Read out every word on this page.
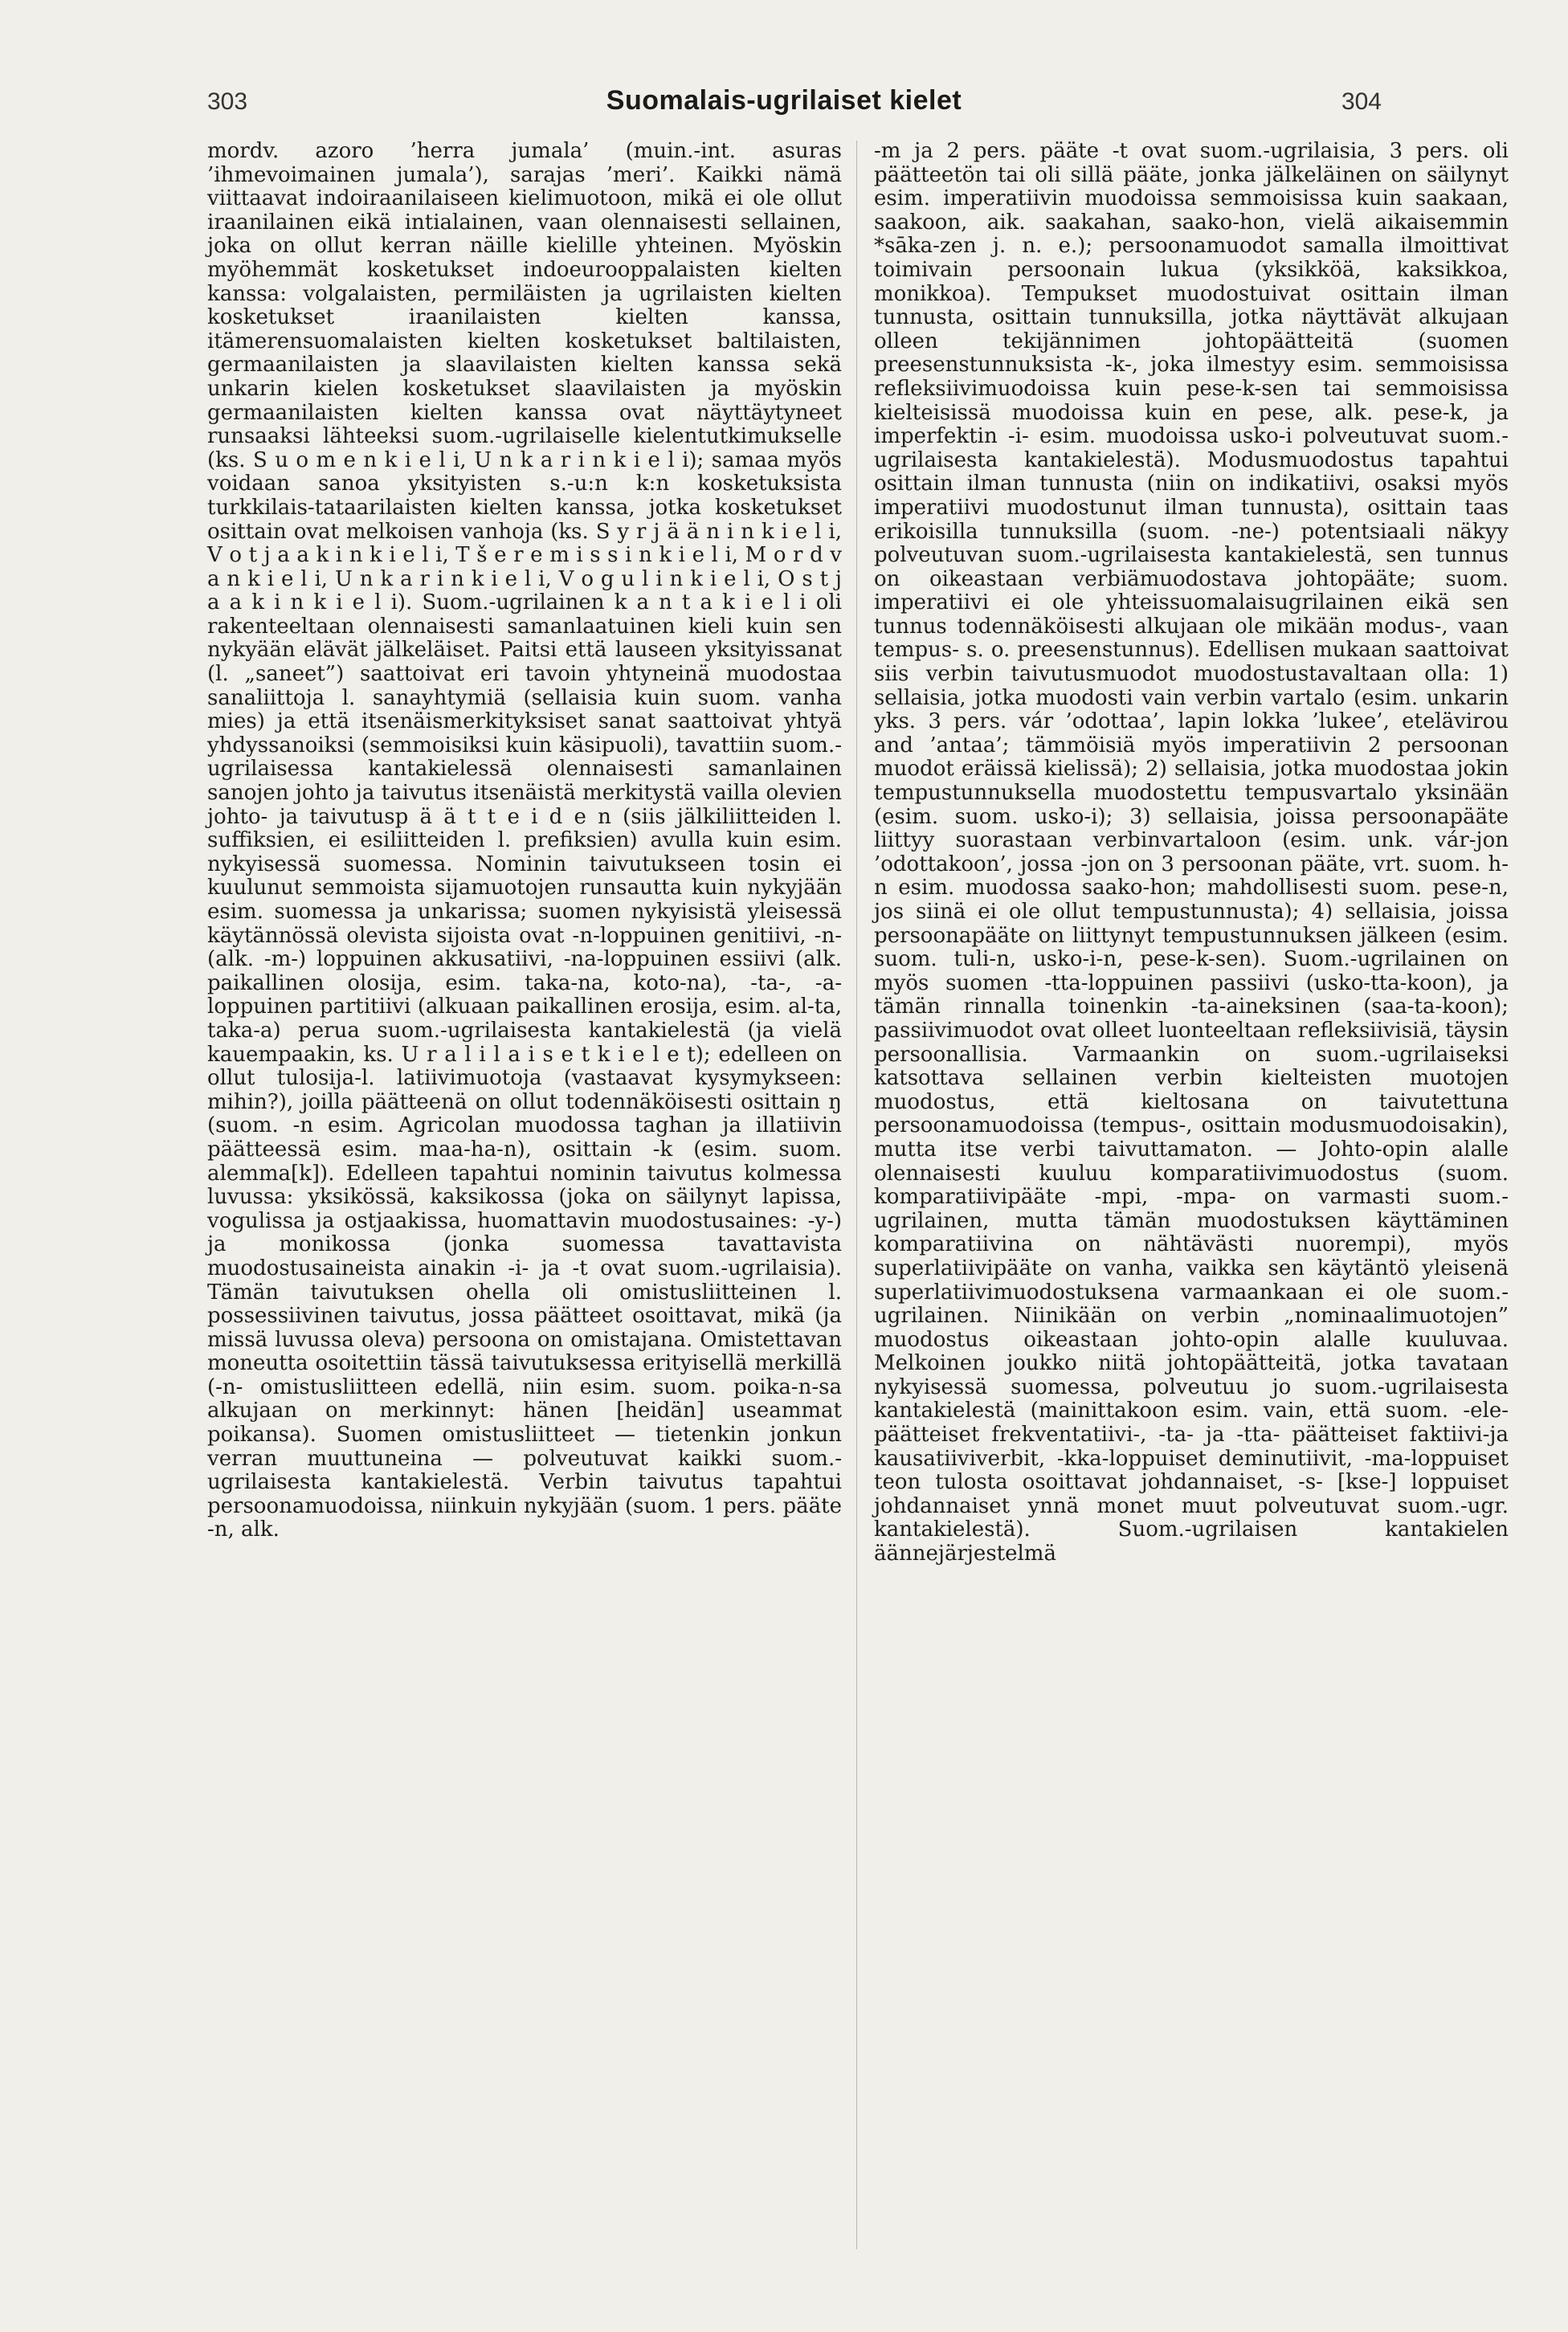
303	Suomalais-ugrilaiset kielet	304

mordv. azoro ’herra jumala’ (muin.-int. asuras ’ihmevoimainen jumala’), sarajas ’meri’. Kaikki nämä viittaavat indoiraanilaiseen kielimuotoon, mikä ei ole ollut iraanilainen eikä intialainen, vaan olennaisesti sellainen, joka on ollut kerran näille kielille yhteinen. Myöskin myöhemmät kosketukset indoeurooppalaisten kielten kanssa: volgalaisten, permiläisten ja ugrilaisten kielten kosketukset iraanilaisten kielten kanssa, itämerensuomalaisten kielten kosketukset baltilaisten, germaanilaisten ja slaavilaisten kielten kanssa sekä unkarin kielen kosketukset slaavilaisten ja myöskin germaanilaisten kielten kanssa ovat näyttäytyneet runsaaksi lähteeksi suom.-ugrilaiselle kielentutkimukselle (ks. S u o m e n k i e l i, U n k a r i n k i e l i); samaa myös voidaan sanoa yksityisten s.-u:n k:n kosketuksista turkkilais-tataarilaisten kielten kanssa, jotka kosketukset osittain ovat melkoisen vanhoja (ks. S y r j ä ä n i n k i e l i, V o t j a a k i n k i e l i, T š e r e m i s s i n k i e l i, M o r d v a n k i e l i, U n k a r i n k i e l i, V o g u l i n k i e l i, O s t j a a k i n k i e l i). Suom.-ugrilainen k a n t a k i e l i oli rakenteeltaan olennaisesti samanlaatuinen kieli kuin sen nykyään elävät jälkeläiset. Paitsi että lauseen yksityissanat (l. „saneet”) saattoivat eri tavoin yhtyneinä muodostaa sanaliittoja l. sanayhtymiä (sellaisia kuin suom. vanha mies) ja että itsenäismerkityksiset sanat saattoivat yhtyä yhdyssanoiksi (semmoisiksi kuin käsipuoli), tavattiin suom.-ugrilaisessa kantakielessä olennaisesti samanlainen sanojen johto ja taivutus itsenäistä merkitystä vailla olevien johto- ja taivutusp ä ä t t e i d e n (siis jälkiliitteiden l. suffiksien, ei esiliitteiden l. prefiksien) avulla kuin esim. nykyisessä suomessa. Nominin taivutukseen tosin ei kuulunut semmoista sijamuotojen runsautta kuin nykyjään esim. suomessa ja unkarissa; suomen nykyisistä yleisessä käytännössä olevista sijoista ovat -n-loppuinen genitiivi, -n- (alk. -m-) loppuinen akkusatiivi, -na-loppuinen essiivi (alk. paikallinen olosija, esim. taka-na, koto-na), -ta-, -a-loppuinen partitiivi (alkuaan paikallinen erosija, esim. al-ta, taka-a) perua suom.-ugrilaisesta kantakielestä (ja vielä kauempaakin, ks. U r a l i l a i s e t k i e l e t); edelleen on ollut tulosija-l. latiivimuotoja (vastaavat kysymykseen: mihin?), joilla päätteenä on ollut todennäköisesti osittain ŋ (suom. -n esim. Agricolan muodossa taghan ja illatiivin päätteessä esim. maa-ha-n), osittain -k (esim. suom. alemma[k]). Edelleen tapahtui nominin taivutus kolmessa luvussa: yksikössä, kaksikossa (joka on säilynyt lapissa, vogulissa ja ostjaakissa, huomattavin muodostusaines: -y-) ja monikossa (jonka suomessa tavattavista muodostusaineista ainakin -i- ja -t ovat suom.-ugrilaisia). Tämän taivutuksen ohella oli omistusliitteinen l. possessiivinen taivutus, jossa päätteet osoittavat, mikä (ja missä luvussa oleva) persoona on omistajana. Omistettavan moneutta osoitettiin tässä taivutuksessa erityisellä merkillä (-n- omistusliitteen edellä, niin esim. suom. poika-n-sa alkujaan on merkinnyt: hänen [heidän] useammat poikansa). Suomen omistusliitteet — tietenkin jonkun verran muuttuneina — polveutuvat kaikki suom.-ugrilaisesta kantakielestä. Verbin taivutus tapahtui persoonamuodoissa, niinkuin nykyjään (suom. 1 pers. pääte -n, alk.

-m ja 2 pers. pääte -t ovat suom.-ugrilaisia, 3 pers. oli päätteetön tai oli sillä pääte, jonka jälkeläinen on säilynyt esim. imperatiivin muodoissa semmoisissa kuin saakaan, saakoon, aik. saakahan, saako-hon, vielä aikaisemmin *sāka-zen j. n. e.); persoonamuodot samalla ilmoittivat toimivain persoonain lukua (yksikköä, kaksikkoa, monikkoa). Tempukset muodostuivat osittain ilman tunnusta, osittain tunnuksilla, jotka näyttävät alkujaan olleen tekijännimen johtopäätteitä (suomen preesenstunnuksista -k-, joka ilmestyy esim. semmoisissa refleksiivimuodoissa kuin pese-k-sen tai semmoisissa kielteisissä muodoissa kuin en pese, alk. pese-k, ja imperfektin -i- esim. muodoissa usko-i polveutuvat suom.-ugrilaisesta kantakielestä). Modusmuodostus tapahtui osittain ilman tunnusta (niin on indikatiivi, osaksi myös imperatiivi muodostunut ilman tunnusta), osittain taas erikoisilla tunnuksilla (suom. -ne-) potentsiaali näkyy polveutuvan suom.-ugrilaisesta kantakielestä, sen tunnus on oikeastaan verbiämuodostava johtopääte; suom. imperatiivi ei ole yhteissuomalaisugrilainen eikä sen tunnus todennäköisesti alkujaan ole mikään modus-, vaan tempus- s. o. preesenstunnus). Edellisen mukaan saattoivat siis verbin taivutusmuodot muodostustavaltaan olla: 1) sellaisia, jotka muodosti vain verbin vartalo (esim. unkarin yks. 3 pers. vár ’odottaa’, lapin lokka ’lukee’, etelävirou and ’antaa’; tämmöisiä myös imperatiivin 2 persoonan muodot eräissä kielissä); 2) sellaisia, jotka muodostaa jokin tempustunnuksella muodostettu tempusvartalo yksinään (esim. suom. usko-i); 3) sellaisia, joissa persoonapääte liittyy suorastaan verbinvartaloon (esim. unk. vár-jon ’odottakoon’, jossa -jon on 3 persoonan pääte, vrt. suom. h-n esim. muodossa saako-hon; mahdollisesti suom. pese-n, jos siinä ei ole ollut tempustunnusta); 4) sellaisia, joissa persoonapääte on liittynyt tempustunnuksen jälkeen (esim. suom. tuli-n, usko-i-n, pese-k-sen). Suom.-ugrilainen on myös suomen -tta-loppuinen passiivi (usko-tta-koon), ja tämän rinnalla toinenkin -ta-aineksinen (saa-ta-koon); passiivimuodot ovat olleet luonteeltaan refleksiivisiä, täysin persoonallisia. Varmaankin on suom.-ugrilaiseksi katsottava sellainen verbin kielteisten muotojen muodostus, että kieltosana on taivutettuna persoonamuodoissa (tempus-, osittain modusmuodoisakin), mutta itse verbi taivuttamaton. — Johto-opin alalle olennaisesti kuuluu komparatiivimuodostus (suom. komparatiivipääte -mpi, -mpa- on varmasti suom.-ugrilainen, mutta tämän muodostuksen käyttäminen komparatiivina on nähtävästi nuorempi), myös superlatiivipääte on vanha, vaikka sen käytäntö yleisenä superlatiivimuodostuksena varmaankaan ei ole suom.-ugrilainen. Niinikään on verbin „nominaalimuotojen” muodostus oikeastaan johto-opin alalle kuuluvaa. Melkoinen joukko niitä johtopäätteitä, jotka tavataan nykyisessä suomessa, polveutuu jo suom.-ugrilaisesta kantakielestä (mainittakoon esim. vain, että suom. -ele-päätteiset frekventatiivi-, -ta- ja -tta- päätteiset faktiivi-ja kausatiiviverbit, -kka-loppuiset deminutiivit, -ma-loppuiset teon tulosta osoittavat johdannaiset, -s- [kse-] loppuiset johdannaiset ynnä monet muut polveutuvat suom.-ugr. kantakielestä). Suom.-ugrilaisen kantakielen äännejärjestelmä
